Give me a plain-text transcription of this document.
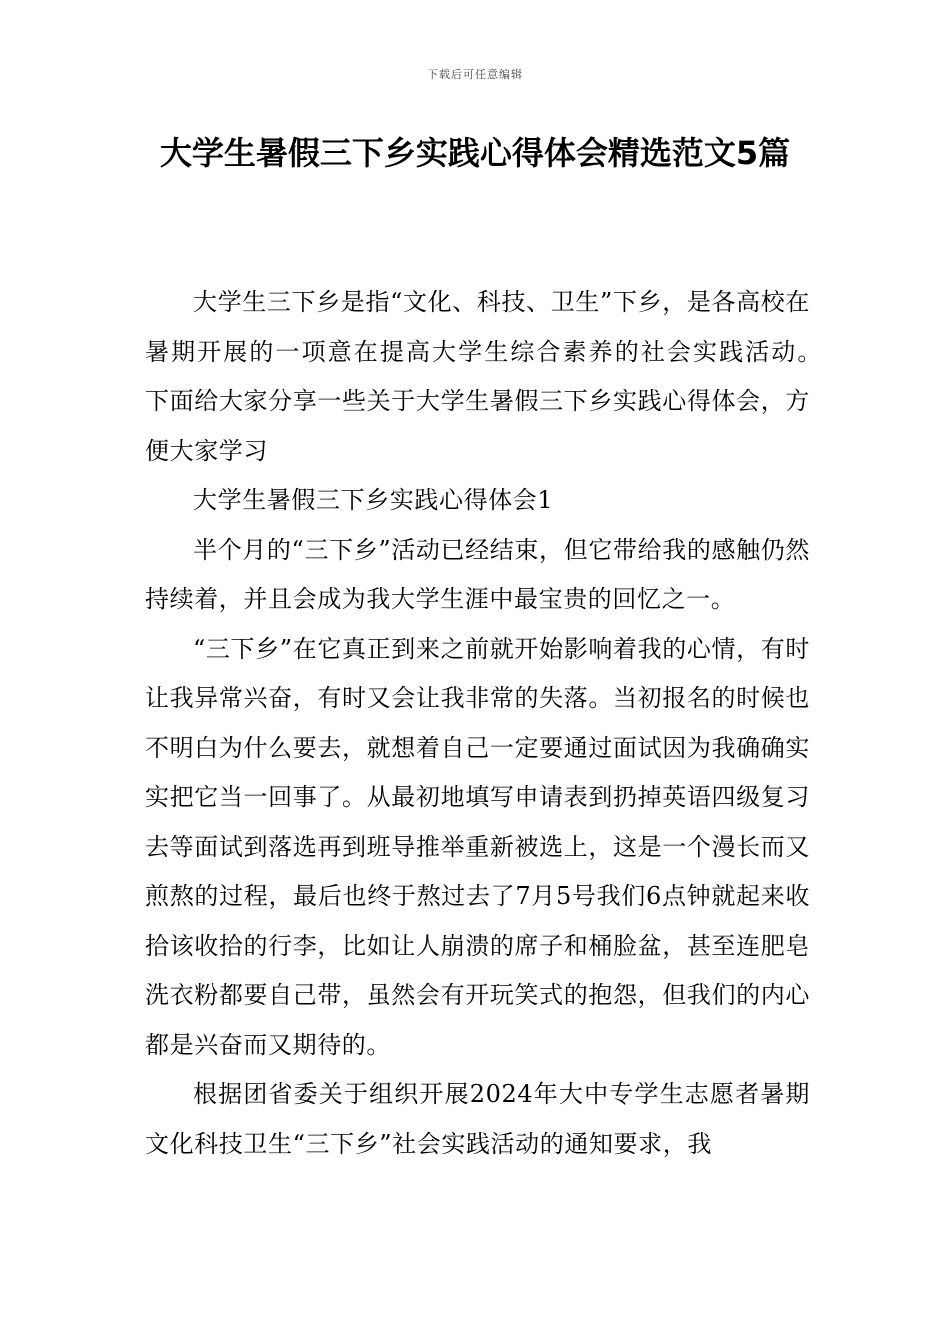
下载后可任意编辑
大学生暑假三下乡实践心得体会精选范文5篇

大学生三下乡是指“文化、科技、卫生”下乡，是各高校在暑期开展的一项意在提高大学生综合素养的社会实践活动。　下面给大家分享一些关于大学生暑假三下乡实践心得体会，方便大家学习

大学生暑假三下乡实践心得体会1

半个月的“三下乡”活动已经结束，但它带给我的感触仍然持续着，并且会成为我大学生涯中最宝贵的回忆之一。

“三下乡”在它真正到来之前就开始影响着我的心情，有时让我异常兴奋，有时又会让我非常的失落。当初报名的时候也不明白为什么要去，就想着自己一定要通过面试因为我确确实实把它当一回事了。从最初地填写申请表到扔掉英语四级复习去等面试到落选再到班导推举重新被选上，这是一个漫长而又煎熬的过程，最后也终于熬过去了7月5号我们6点钟就起来收拾该收拾的行李，比如让人崩溃的席子和桶脸盆，甚至连肥皂洗衣粉都要自己带，虽然会有开玩笑式的抱怨，但我们的内心都是兴奋而又期待的。

根据团省委关于组织开展2024年大中专学生志愿者暑期文化科技卫生“三下乡”社会实践活动的通知要求，我
